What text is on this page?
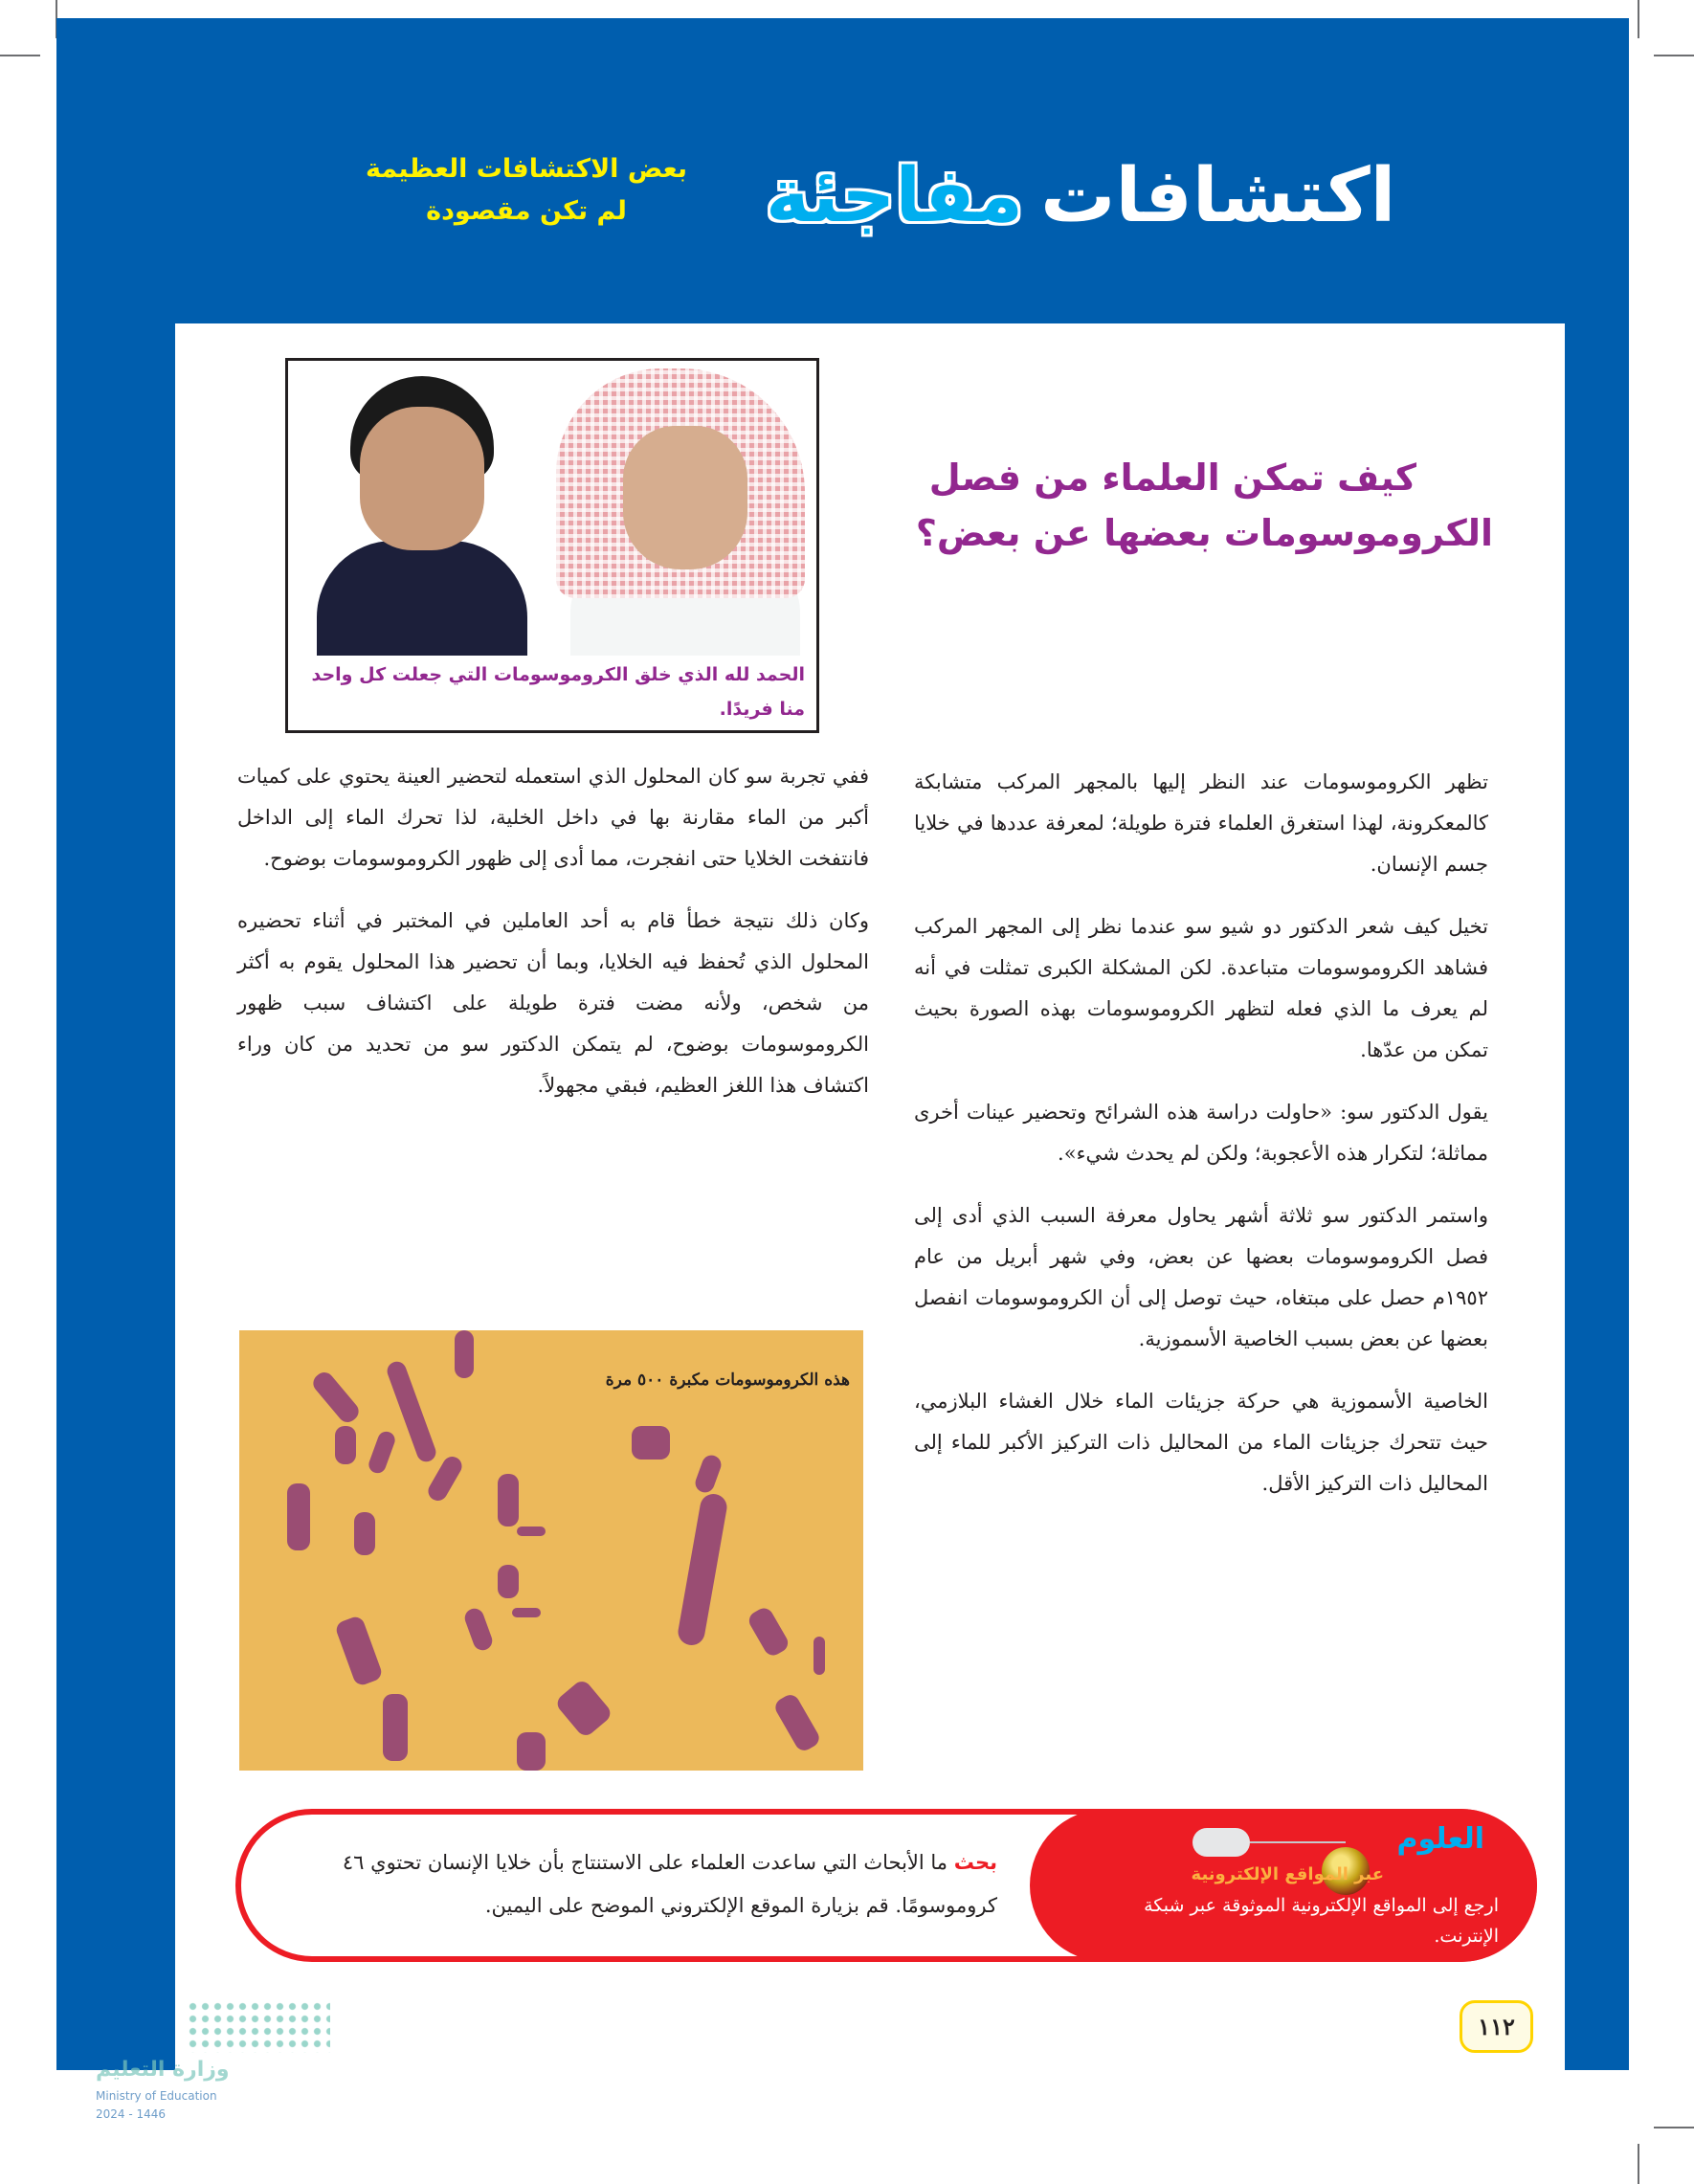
اكتشافات
مفاجئة
بعض الاكتشافات العظيمة
لم تكن مقصودة
الحمد لله الذي خلق الكروموسومات التي جعلت كل واحد منا فريدًا.
كيف تمكن العلماء من فصل
الكروموسومات بعضها عن بعض؟

تظهر الكروموسومات عند النظر إليها بالمجهر المركب متشابكة كالمعكرونة، لهذا استغرق العلماء فترة طويلة؛ لمعرفة عددها في خلايا جسم الإنسان.

تخيل كيف شعر الدكتور دو شيو سو عندما نظر إلى المجهر المركب فشاهد الكروموسومات متباعدة. لكن المشكلة الكبرى تمثلت في أنه لم يعرف ما الذي فعله لتظهر الكروموسومات بهذه الصورة بحيث تمكن من عدّها.

يقول الدكتور سو: «حاولت دراسة هذه الشرائح وتحضير عينات أخرى مماثلة؛ لتكرار هذه الأعجوبة؛ ولكن لم يحدث شيء».

واستمر الدكتور سو ثلاثة أشهر يحاول معرفة السبب الذي أدى إلى فصل الكروموسومات بعضها عن بعض، وفي شهر أبريل من عام ١٩٥٢م حصل على مبتغاه، حيث توصل إلى أن الكروموسومات انفصل بعضها عن بعض بسبب الخاصية الأسموزية.

الخاصية الأسموزية هي حركة جزيئات الماء خلال الغشاء البلازمي، حيث تتحرك جزيئات الماء من المحاليل ذات التركيز الأكبر للماء إلى المحاليل ذات التركيز الأقل.

ففي تجربة سو كان المحلول الذي استعمله لتحضير العينة يحتوي على كميات أكبر من الماء مقارنة بها في داخل الخلية، لذا تحرك الماء إلى الداخل فانتفخت الخلايا حتى انفجرت، مما أدى إلى ظهور الكروموسومات بوضوح.

وكان ذلك نتيجة خطأ قام به أحد العاملين في المختبر في أثناء تحضيره المحلول الذي تُحفظ فيه الخلايا، وبما أن تحضير هذا المحلول يقوم به أكثر من شخص، ولأنه مضت فترة طويلة على اكتشاف سبب ظهور الكروموسومات بوضوح، لم يتمكن الدكتور سو من تحديد من كان وراء اكتشاف هذا اللغز العظيم، فبقي مجهولاً.

هذه الكروموسومات مكبرة ٥٠٠ مرة
بحث ما الأبحاث التي ساعدت العلماء على الاستنتاج بأن خلايا الإنسان تحتوي ٤٦ كروموسومًا. قم بزيارة الموقع الإلكتروني الموضح على اليمين.
العلوم
عبر المواقع الإلكترونية
ارجع إلى المواقع الإلكترونية الموثوقة عبر شبكة الإنترنت.
١١٢
وزارة التعليم
Ministry of Education
2024 - 1446
